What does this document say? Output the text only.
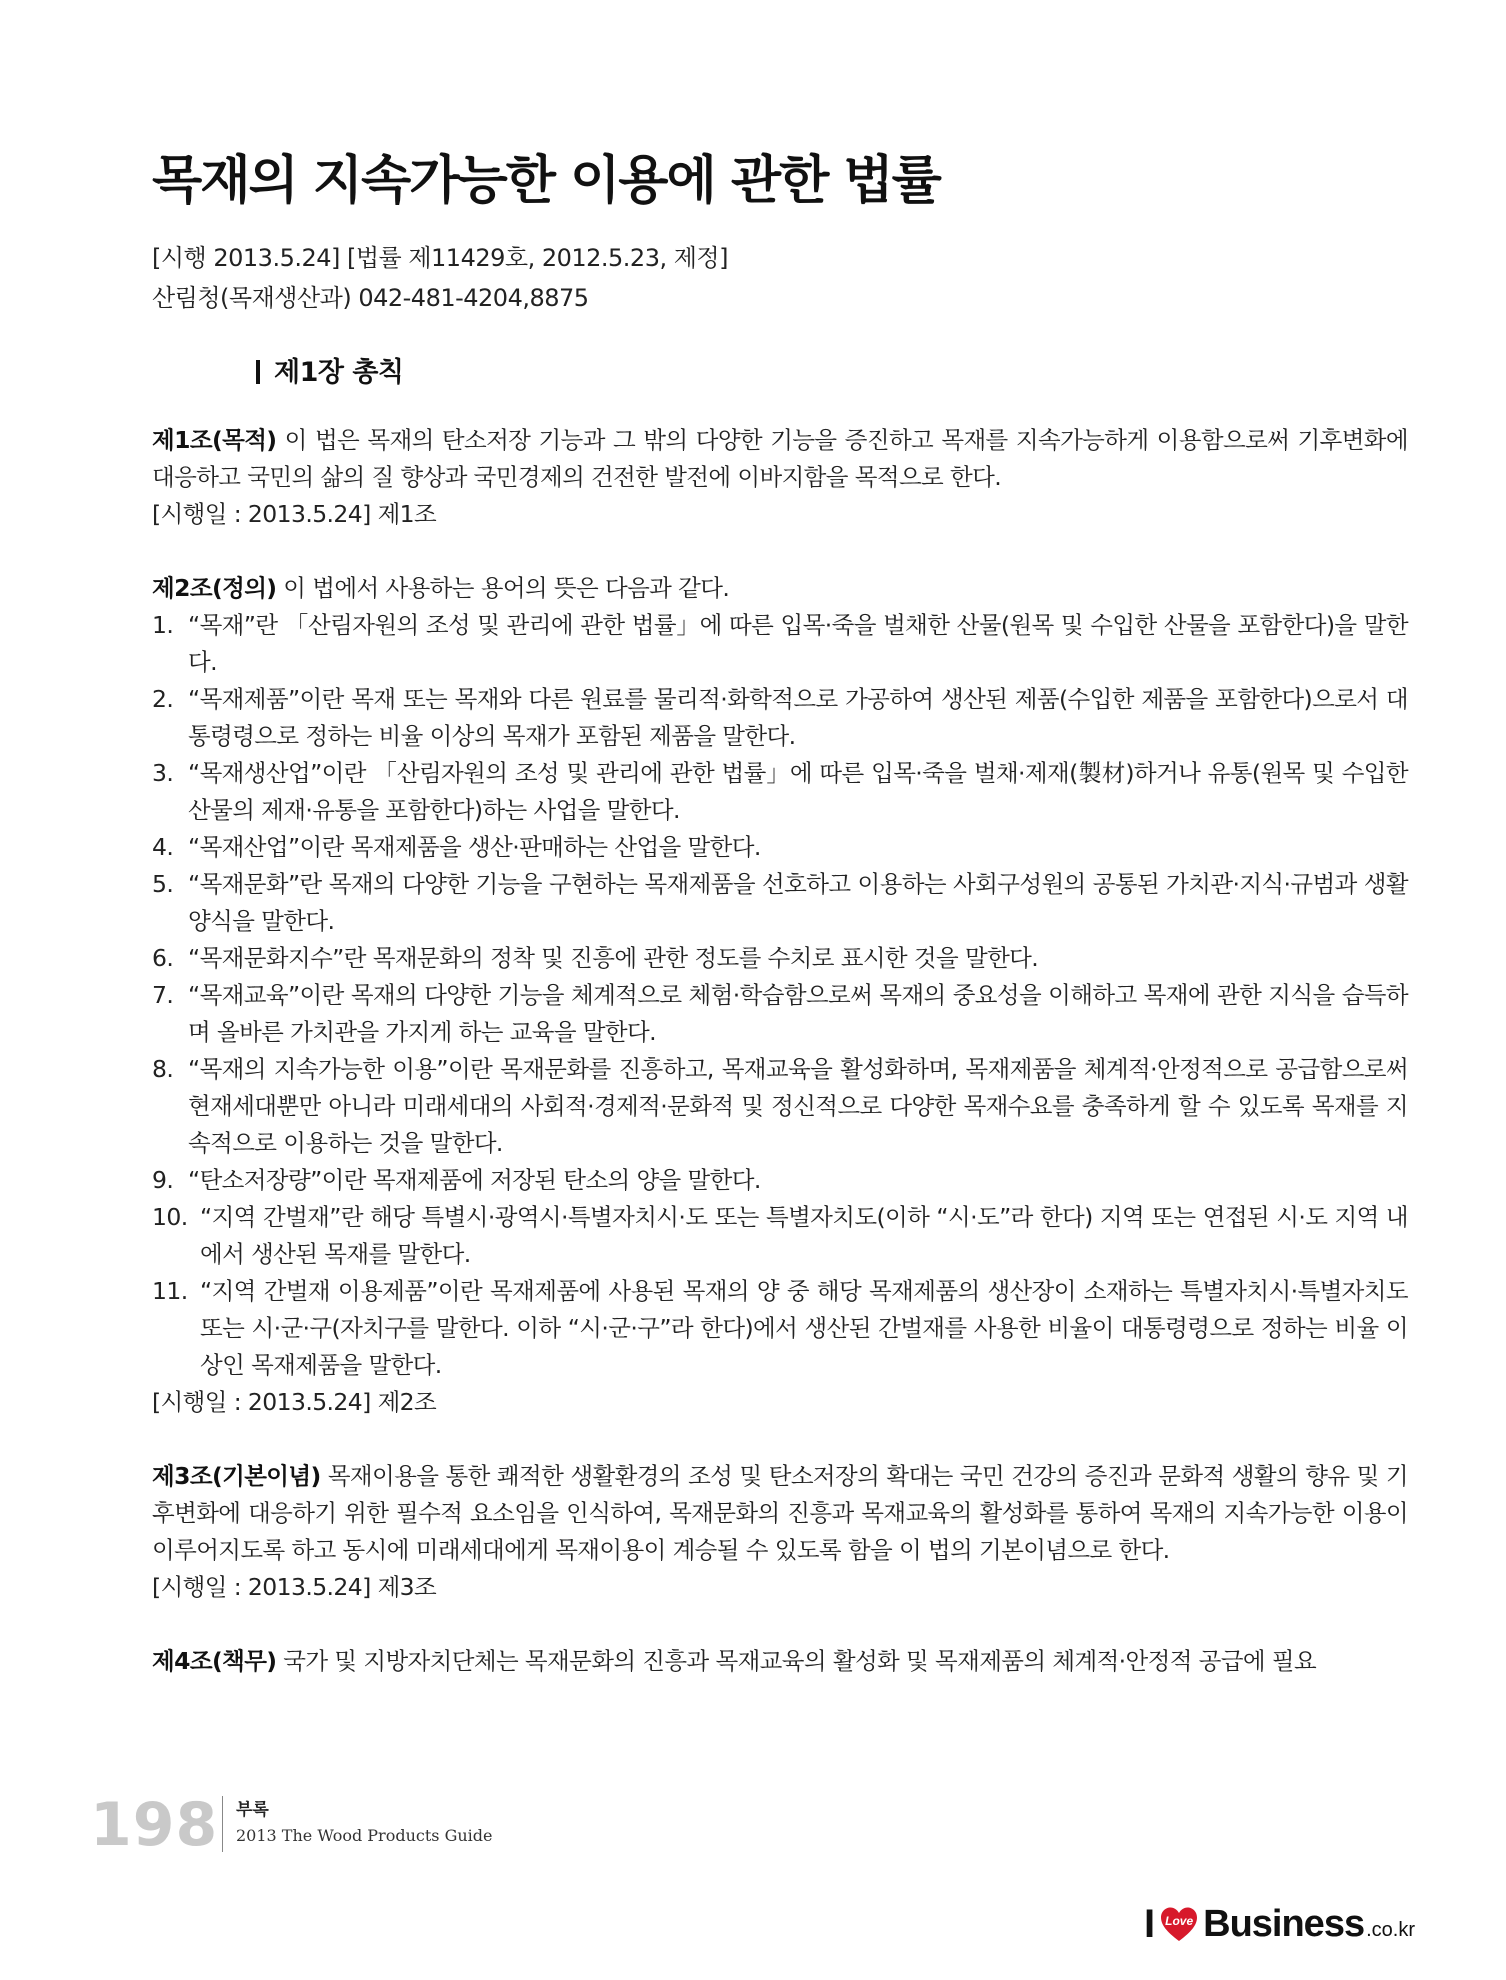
목재의 지속가능한 이용에 관한 법률
[시행 2013.5.24] [법률 제11429호, 2012.5.23, 제정]
산림청(목재생산과) 042-481-4204,8875
제1장 총칙

제1조(목적) 이 법은 목재의 탄소저장 기능과 그 밖의 다양한 기능을 증진하고 목재를 지속가능하게 이용함으로써 기후변화에 대응하고 국민의 삶의 질 향상과 국민경제의 건전한 발전에 이바지함을 목적으로 한다.

[시행일 : 2013.5.24] 제1조

제2조(정의) 이 법에서 사용하는 용어의 뜻은 다음과 같다.

1. “목재”란 「산림자원의 조성 및 관리에 관한 법률」에 따른 입목·죽을 벌채한 산물(원목 및 수입한 산물을 포함한다)을 말한다.
2. “목재제품”이란 목재 또는 목재와 다른 원료를 물리적·화학적으로 가공하여 생산된 제품(수입한 제품을 포함한다)으로서 대통령령으로 정하는 비율 이상의 목재가 포함된 제품을 말한다.
3. “목재생산업”이란 「산림자원의 조성 및 관리에 관한 법률」에 따른 입목·죽을 벌채·제재(製材)하거나 유통(원목 및 수입한 산물의 제재·유통을 포함한다)하는 사업을 말한다.
4. “목재산업”이란 목재제품을 생산·판매하는 산업을 말한다.
5. “목재문화”란 목재의 다양한 기능을 구현하는 목재제품을 선호하고 이용하는 사회구성원의 공통된 가치관·지식·규범과 생활양식을 말한다.
6. “목재문화지수”란 목재문화의 정착 및 진흥에 관한 정도를 수치로 표시한 것을 말한다.
7. “목재교육”이란 목재의 다양한 기능을 체계적으로 체험·학습함으로써 목재의 중요성을 이해하고 목재에 관한 지식을 습득하며 올바른 가치관을 가지게 하는 교육을 말한다.
8. “목재의 지속가능한 이용”이란 목재문화를 진흥하고, 목재교육을 활성화하며, 목재제품을 체계적·안정적으로 공급함으로써 현재세대뿐만 아니라 미래세대의 사회적·경제적·문화적 및 정신적으로 다양한 목재수요를 충족하게 할 수 있도록 목재를 지속적으로 이용하는 것을 말한다.
9. “탄소저장량”이란 목재제품에 저장된 탄소의 양을 말한다.
10. “지역 간벌재”란 해당 특별시·광역시·특별자치시·도 또는 특별자치도(이하 “시·도”라 한다) 지역 또는 연접된 시·도 지역 내에서 생산된 목재를 말한다.
11. “지역 간벌재 이용제품”이란 목재제품에 사용된 목재의 양 중 해당 목재제품의 생산장이 소재하는 특별자치시·특별자치도 또는 시·군·구(자치구를 말한다. 이하 “시·군·구”라 한다)에서 생산된 간벌재를 사용한 비율이 대통령령으로 정하는 비율 이상인 목재제품을 말한다.
[시행일 : 2013.5.24] 제2조

제3조(기본이념) 목재이용을 통한 쾌적한 생활환경의 조성 및 탄소저장의 확대는 국민 건강의 증진과 문화적 생활의 향유 및 기후변화에 대응하기 위한 필수적 요소임을 인식하여, 목재문화의 진흥과 목재교육의 활성화를 통하여 목재의 지속가능한 이용이 이루어지도록 하고 동시에 미래세대에게 목재이용이 계승될 수 있도록 함을 이 법의 기본이념으로 한다.

[시행일 : 2013.5.24] 제3조

제4조(책무) 국가 및 지방자치단체는 목재문화의 진흥과 목재교육의 활성화 및 목재제품의 체계적·안정적 공급에 필요

198 부록
2013 The Wood Products Guide
I Love Business .co.kr
